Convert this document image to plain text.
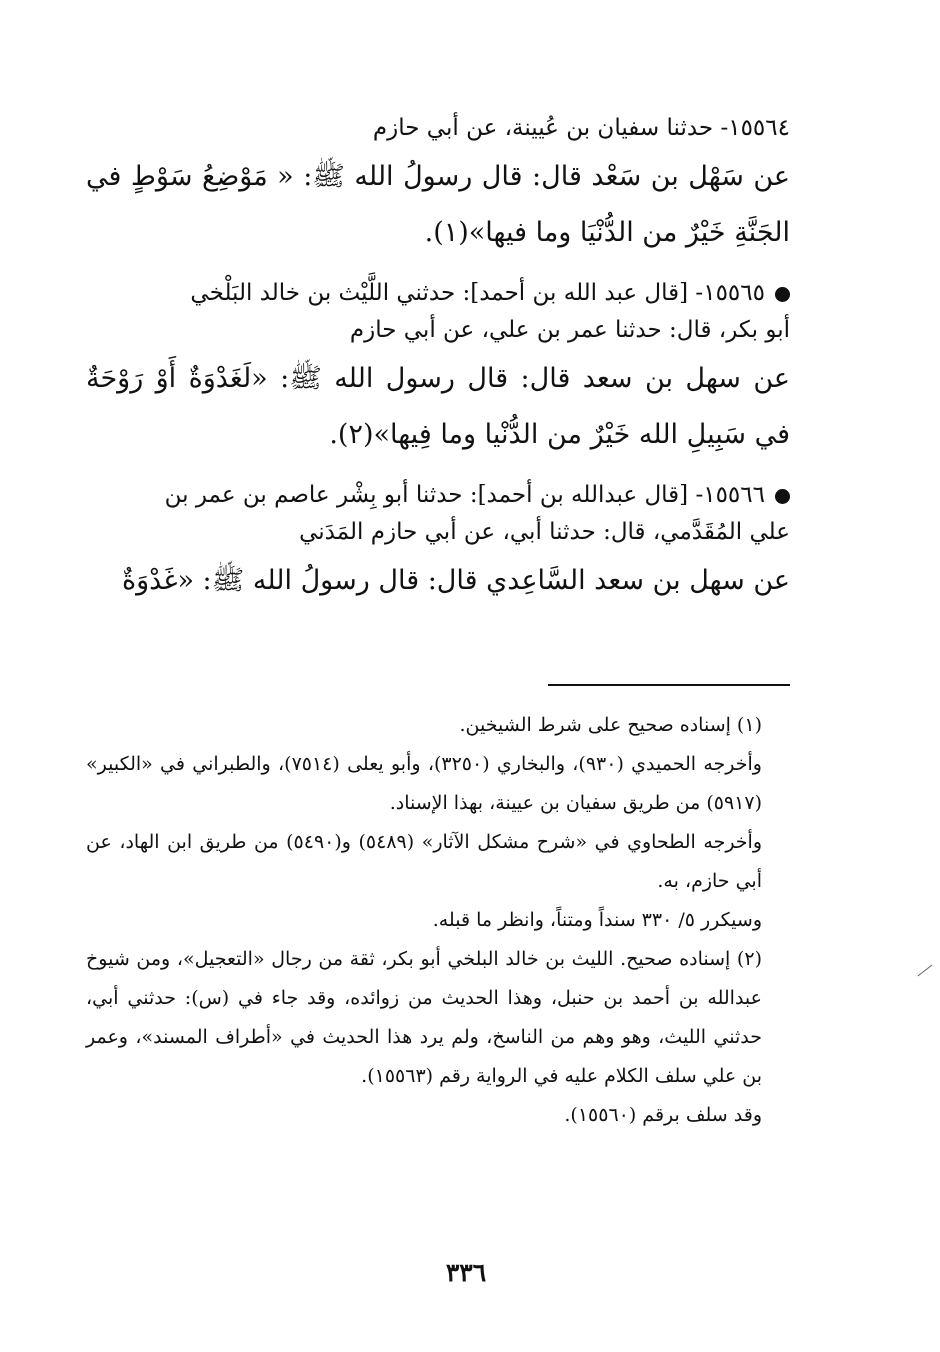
١٥٥٦٤- حدثنا سفيان بن عُيينة، عن أبي حازم

عن سَهْل بن سَعْد قال: قال رسولُ الله ﷺ: « مَوْضِعُ سَوْطٍ في الجَنَّةِ خَيْرٌ من الدُّنْيَا وما فيها»(١).

١٥٥٦٥- [قال عبد الله بن أحمد]: حدثني اللَّيْث بن خالد البَلْخي

أبو بكر، قال: حدثنا عمر بن علي، عن أبي حازم

عن سهل بن سعد قال: قال رسول الله ﷺ: «لَغَدْوَةٌ أَوْ رَوْحَةٌ في سَبِيلِ الله خَيْرٌ من الدُّنْيا وما فِيها»(٢).

١٥٥٦٦- [قال عبدالله بن أحمد]: حدثنا أبو بِشْر عاصم بن عمر بن

علي المُقَدَّمي، قال: حدثنا أبي، عن أبي حازم المَدَني

عن سهل بن سعد السَّاعِدي قال: قال رسولُ الله ﷺ: «غَدْوَةٌ

(١) إسناده صحيح على شرط الشيخين.

وأخرجه الحميدي (٩٣٠)، والبخاري (٣٢٥٠)، وأبو يعلى (٧٥١٤)، والطبراني في «الكبير» (٥٩١٧) من طريق سفيان بن عيينة، بهذا الإسناد.

وأخرجه الطحاوي في «شرح مشكل الآثار» (٥٤٨٩) و(٥٤٩٠) من طريق ابن الهاد، عن أبي حازم، به.

وسيكرر ٥/ ٣٣٠ سنداً ومتناً، وانظر ما قبله.

(٢) إسناده صحيح. الليث بن خالد البلخي أبو بكر، ثقة من رجال «التعجيل»، ومن شيوخ عبدالله بن أحمد بن حنبل، وهذا الحديث من زوائده، وقد جاء في (س): حدثني أبي، حدثني الليث، وهو وهم من الناسخ، ولم يرد هذا الحديث في «أطراف المسند»، وعمر بن علي سلف الكلام عليه في الرواية رقم (١٥٥٦٣).

وقد سلف برقم (١٥٥٦٠).

٣٣٦
